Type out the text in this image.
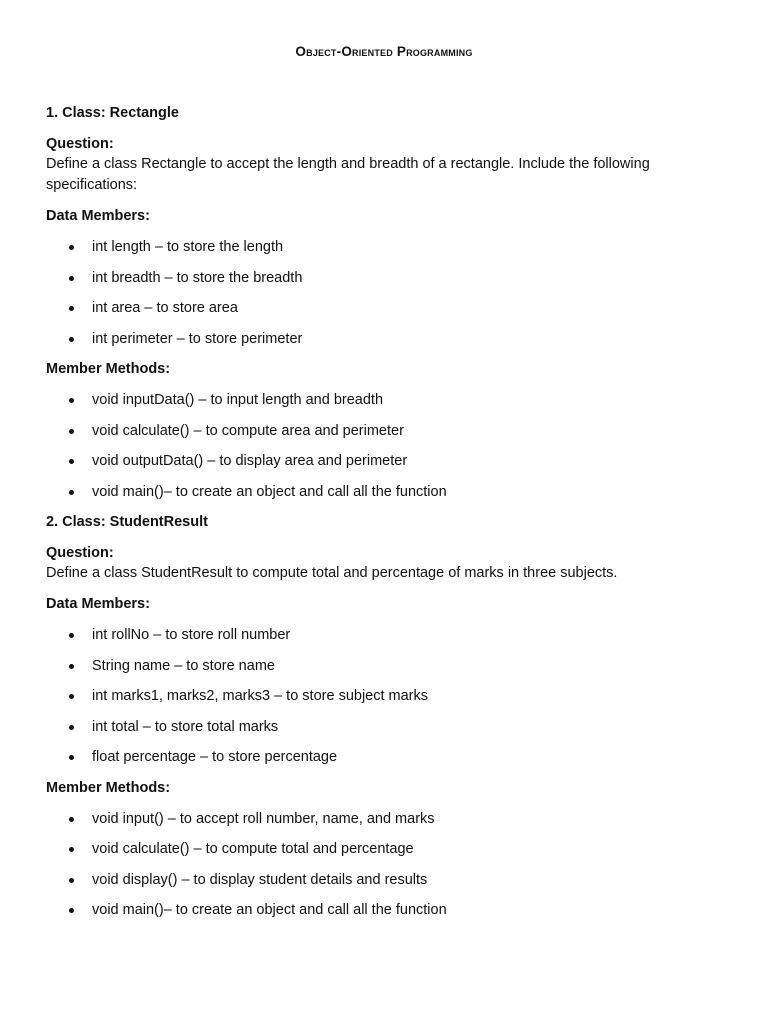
Object-Oriented Programming

1. Class: Rectangle

Question:

Define a class Rectangle to accept the length and breadth of a rectangle. Include the following specifications:

Data Members:

int length – to store the length
int breadth – to store the breadth
int area – to store area
int perimeter – to store perimeter

Member Methods:

void inputData() – to input length and breadth
void calculate() – to compute area and perimeter
void outputData() – to display area and perimeter
void main()– to create an object and call all the function

2. Class: StudentResult

Question:

Define a class StudentResult to compute total and percentage of marks in three subjects.

Data Members:

int rollNo – to store roll number
String name – to store name
int marks1, marks2, marks3 – to store subject marks
int total – to store total marks
float percentage – to store percentage

Member Methods:

void input() – to accept roll number, name, and marks
void calculate() – to compute total and percentage
void display() – to display student details and results
void main()– to create an object and call all the function
